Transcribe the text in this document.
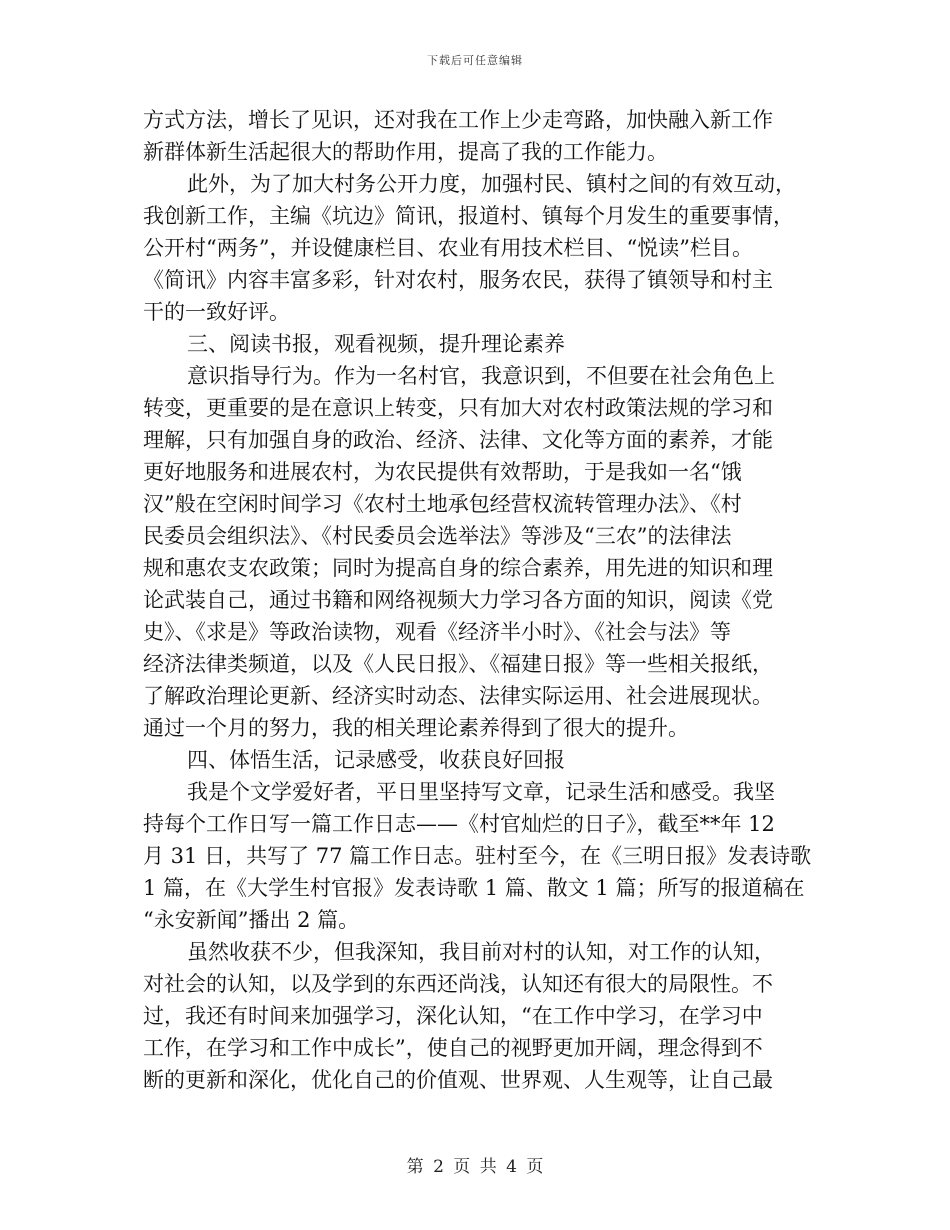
下载后可任意编辑
方式方法，增长了见识，还对我在工作上少走弯路，加快融入新工作
新群体新生活起很大的帮助作用，提高了我的工作能力。
此外，为了加大村务公开力度，加强村民、镇村之间的有效互动，
我创新工作，主编《坑边》简讯，报道村、镇每个月发生的重要事情，
公开村“两务”，并设健康栏目、农业有用技术栏目、“悦读”栏目。
《简讯》内容丰富多彩，针对农村，服务农民，获得了镇领导和村主
干的一致好评。
三、阅读书报，观看视频，提升理论素养
意识指导行为。作为一名村官，我意识到，不但要在社会角色上
转变，更重要的是在意识上转变，只有加大对农村政策法规的学习和
理解，只有加强自身的政治、经济、法律、文化等方面的素养，才能
更好地服务和进展农村，为农民提供有效帮助，于是我如一名“饿
汉”般在空闲时间学习《农村土地承包经营权流转管理办法》、《村
民委员会组织法》、《村民委员会选举法》等涉及“三农”的法律法
规和惠农支农政策；同时为提高自身的综合素养，用先进的知识和理
论武装自己，通过书籍和网络视频大力学习各方面的知识，阅读《党
史》、《求是》等政治读物，观看《经济半小时》、《社会与法》等
经济法律类频道，以及《人民日报》、《福建日报》等一些相关报纸，
了解政治理论更新、经济实时动态、法律实际运用、社会进展现状。
通过一个月的努力，我的相关理论素养得到了很大的提升。
四、体悟生活，记录感受，收获良好回报
我是个文学爱好者，平日里坚持写文章，记录生活和感受。我坚
持每个工作日写一篇工作日志——《村官灿烂的日子》，截至**年 12
月 31 日，共写了 77 篇工作日志。驻村至今，在《三明日报》发表诗歌
1 篇，在《大学生村官报》发表诗歌 1 篇、散文 1 篇；所写的报道稿在
“永安新闻”播出 2 篇。
虽然收获不少，但我深知，我目前对村的认知，对工作的认知，
对社会的认知，以及学到的东西还尚浅，认知还有很大的局限性。不
过，我还有时间来加强学习，深化认知，“在工作中学习，在学习中
工作，在学习和工作中成长”，使自己的视野更加开阔，理念得到不
断的更新和深化，优化自己的价值观、世界观、人生观等，让自己最
第 2 页 共 4 页
